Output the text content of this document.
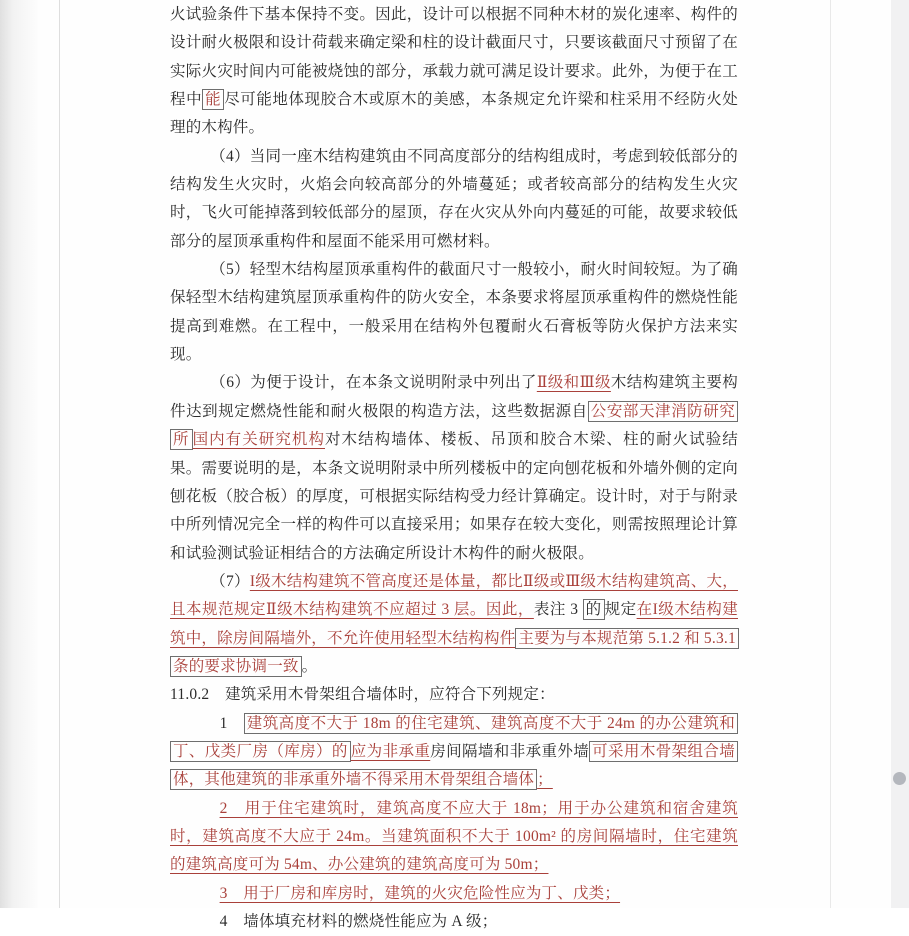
火试验条件下基本保持不变。因此，设计可以根据不同种木材的炭化速率、构件的设计耐火极限和设计荷载来确定梁和柱的设计截面尺寸，只要该截面尺寸预留了在实际火灾时间内可能被烧蚀的部分，承载力就可满足设计要求。此外，为便于在工程中 能 尽可能地体现胶合木或原木的美感，本条规定允许梁和柱采用不经防火处理的木构件。

（4）当同一座木结构建筑由不同高度部分的结构组成时，考虑到较低部分的结构发生火灾时，火焰会向较高部分的外墙蔓延；或者较高部分的结构发生火灾时，飞火可能掉落到较低部分的屋顶，存在火灾从外向内蔓延的可能，故要求较低部分的屋顶承重构件和屋面不能采用可燃材料。

（5）轻型木结构屋顶承重构件的截面尺寸一般较小，耐火时间较短。为了确保轻型木结构建筑屋顶承重构件的防火安全，本条要求将屋顶承重构件的燃烧性能提高到难燃。在工程中，一般采用在结构外包覆耐火石膏板等防火保护方法来实现。

（6）为便于设计，在本条文说明附录中列出了Ⅱ级和Ⅲ级木结构建筑主要构件达到规定燃烧性能和耐火极限的构造方法，这些数据源自 公安部天津消防研究所 国内有关研究机构对木结构墙体、楼板、吊顶和胶合木梁、柱的耐火试验结果。需要说明的是，本条文说明附录中所列楼板中的定向刨花板和外墙外侧的定向刨花板（胶合板）的厚度，可根据实际结构受力经计算确定。设计时，对于与附录中所列情况完全一样的构件可以直接采用；如果存在较大变化，则需按照理论计算和试验测试验证相结合的方法确定所设计木构件的耐火极限。

（7）I级木结构建筑不管高度还是体量，都比Ⅱ级或Ⅲ级木结构建筑高、大，且本规范规定Ⅱ级木结构建筑不应超过 3 层。因此，表注 3 的 规定在I级木结构建筑中，除房间隔墙外，不允许使用轻型木结构构件 主要为与本规范第 5.1.2 和 5.3.1 条的要求协调一致 。

11.0.2　建筑采用木骨架组合墙体时，应符合下列规定：

1　建筑高度不大于 18m 的住宅建筑、建筑高度不大于 24m 的办公建筑和丁、戊类厂房（库房）的 应为非承重房间隔墙和非承重外墙 可采用木骨架组合墙体，其他建筑的非承重外墙不得采用木骨架组合墙体 ；

2　用于住宅建筑时，建筑高度不应大于 18m；用于办公建筑和宿舍建筑时，建筑高度不大应于 24m。当建筑面积不大于 100m² 的房间隔墙时，住宅建筑的建筑高度可为 54m、办公建筑的建筑高度可为 50m；

3　用于厂房和库房时，建筑的火灾危险性应为丁、戊类；

4　墙体填充材料的燃烧性能应为 A 级；
